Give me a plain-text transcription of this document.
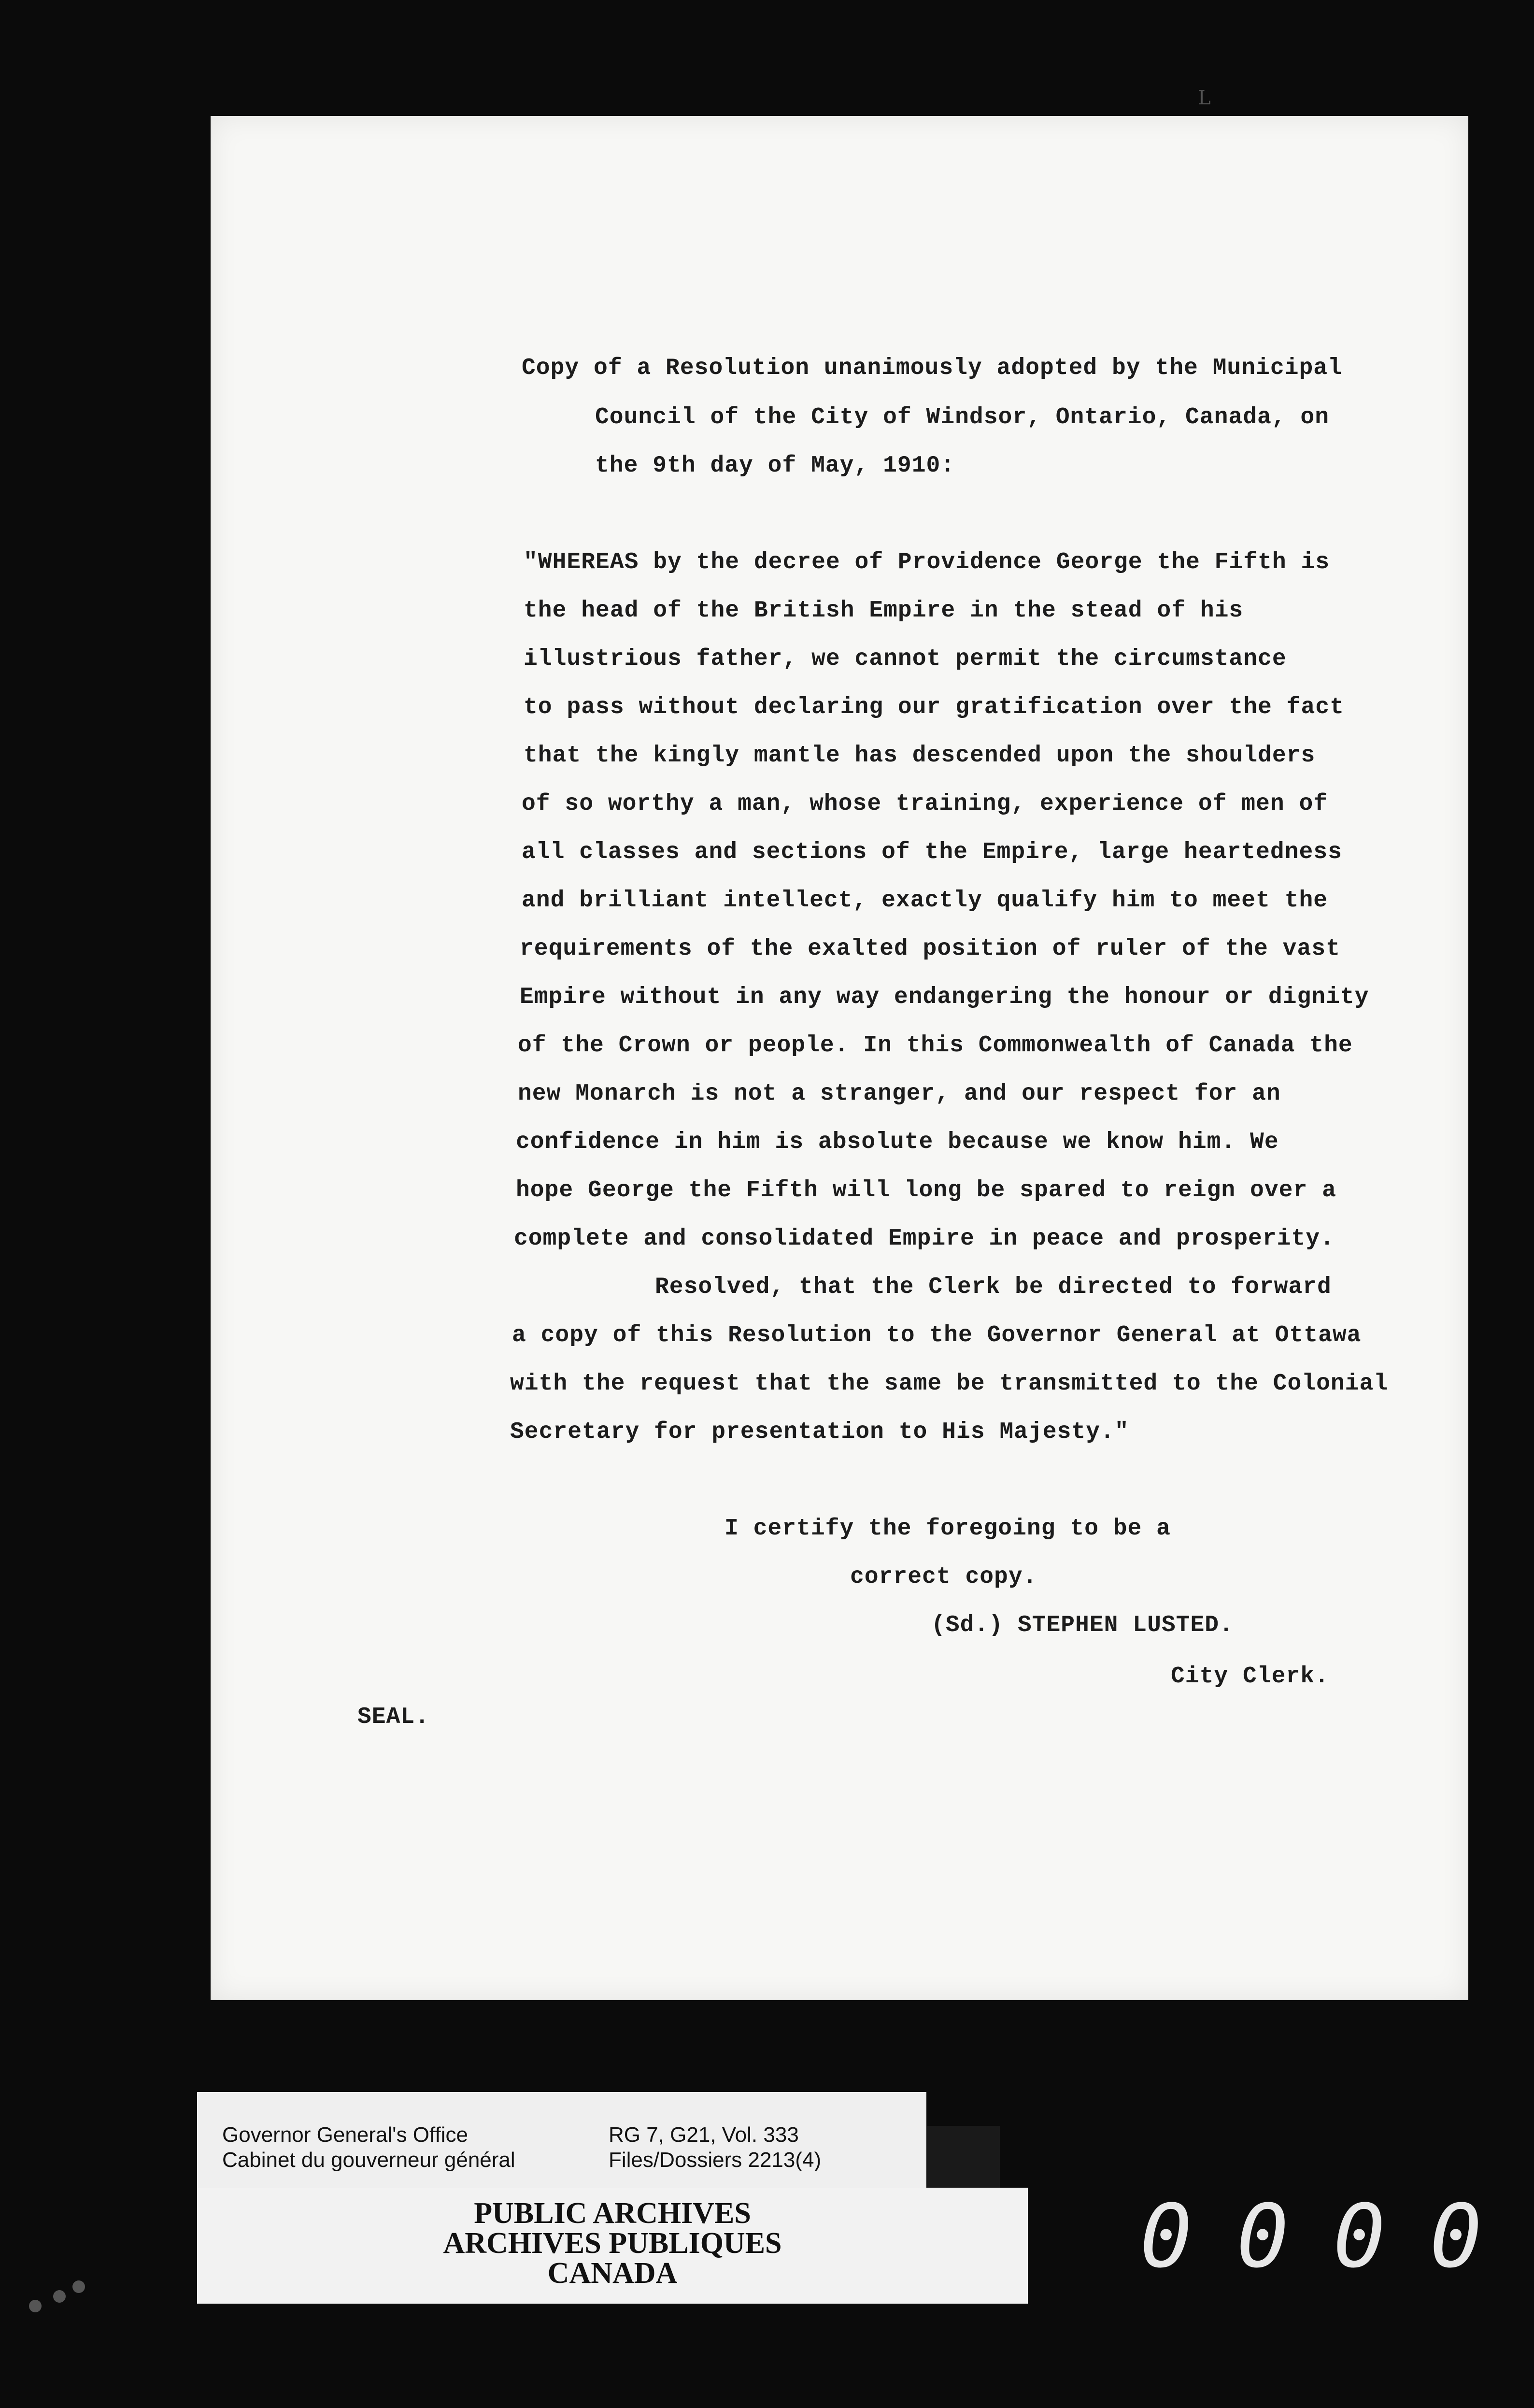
L
Copy of a Resolution unanimously adopted by the Municipal
Council of the City of Windsor, Ontario, Canada, on
the 9th day of May, 1910:
"WHEREAS by the decree of Providence George the Fifth is
the head of the British Empire in the stead of his
illustrious father, we cannot permit the circumstance
to pass without declaring our gratification over the fact
that the kingly mantle has descended upon the shoulders
of so worthy a man, whose training, experience of men of
all classes and sections of the Empire, large heartedness
and brilliant intellect, exactly qualify him to meet the
requirements of the exalted position of ruler of the vast
Empire without in any way endangering the honour or dignity
of the Crown or people. In this Commonwealth of Canada the
new Monarch is not a stranger, and our respect for an
confidence in him is absolute because we know him. We
hope George the Fifth will long be spared to reign over a
complete and consolidated Empire in peace and prosperity.
Resolved, that the Clerk be directed to forward
a copy of this Resolution to the Governor General at Ottawa
with the request that the same be transmitted to the Colonial
Secretary for presentation to His Majesty."
I certify the foregoing to be a
correct copy.
(Sd.) STEPHEN LUSTED.
City Clerk.
SEAL.
Governor General's Office
Cabinet du gouverneur général
RG 7, G21, Vol. 333
Files/Dossiers 2213(4)
PUBLIC ARCHIVES
ARCHIVES PUBLIQUES
CANADA	0 0 0 0
